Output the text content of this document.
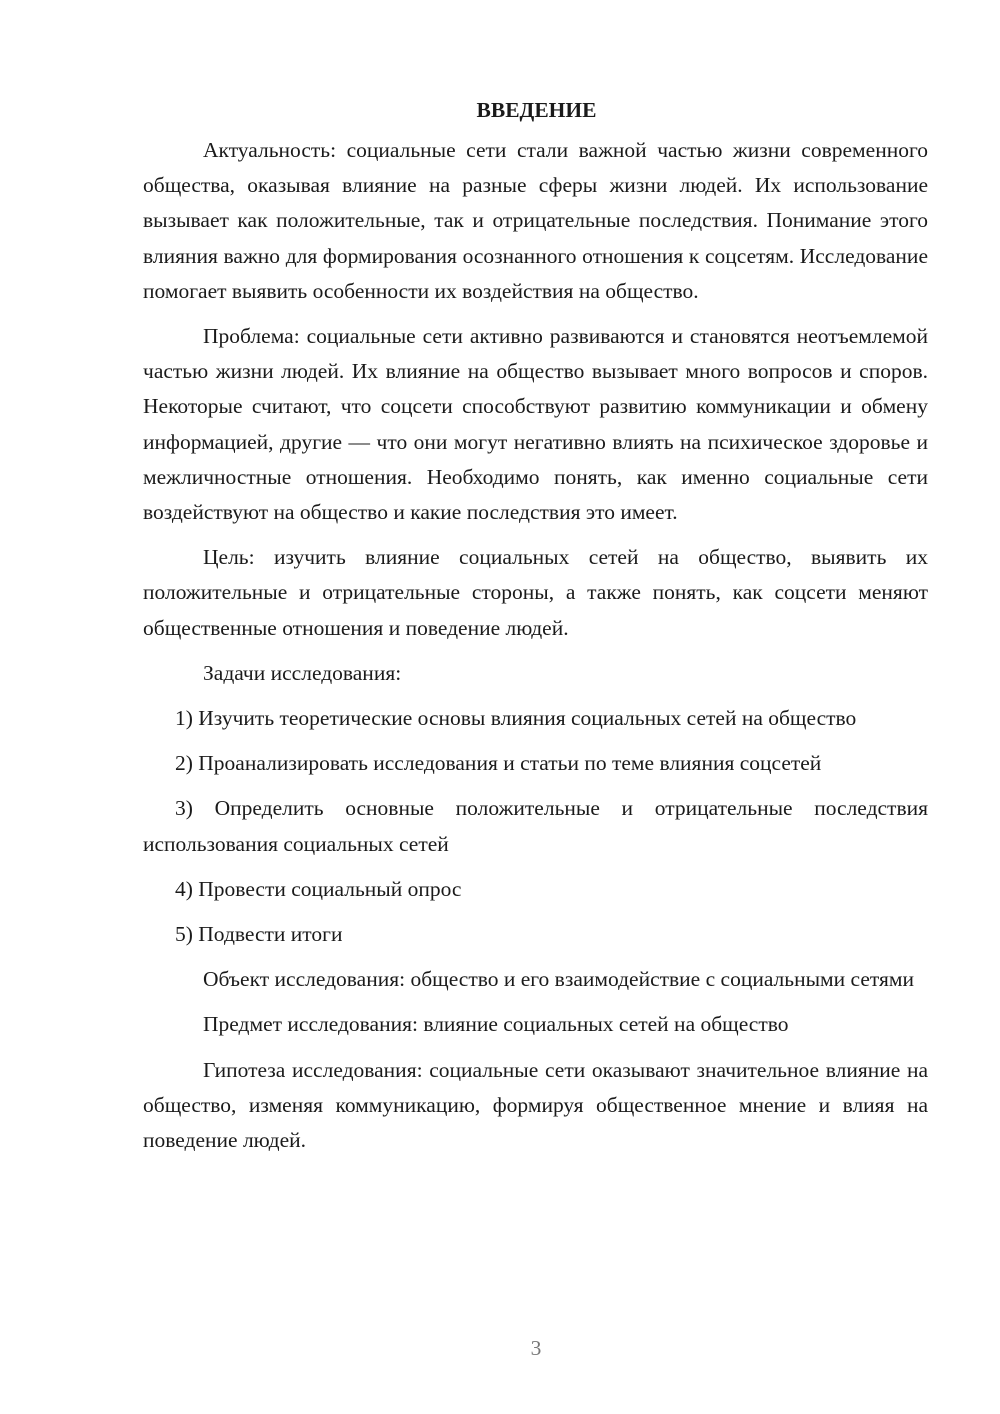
ВВЕДЕНИЕ

Актуальность: социальные сети стали важной частью жизни современного общества, оказывая влияние на разные сферы жизни людей. Их использование вызывает как положительные, так и отрицательные последствия. Понимание этого влияния важно для формирования осознанного отношения к соцсетям. Исследование помогает выявить особенности их воздействия на общество.

Проблема: социальные сети активно развиваются и становятся неотъемлемой частью жизни людей. Их влияние на общество вызывает много вопросов и споров. Некоторые считают, что соцсети способствуют развитию коммуникации и обмену информацией, другие — что они могут негативно влиять на психическое здоровье и межличностные отношения. Необходимо понять, как именно социальные сети воздействуют на общество и какие последствия это имеет.

Цель: изучить влияние социальных сетей на общество, выявить их положительные и отрицательные стороны, а также понять, как соцсети меняют общественные отношения и поведение людей.

Задачи исследования:

1) Изучить теоретические основы влияния социальных сетей на общество

2) Проанализировать исследования и статьи по теме влияния соцсетей

3) Определить основные положительные и отрицательные последствия использования социальных сетей

4) Провести социальный опрос

5) Подвести итоги

Объект исследования: общество и его взаимодействие с социальными сетями

Предмет исследования: влияние социальных сетей на общество

Гипотеза исследования: социальные сети оказывают значительное влияние на общество, изменяя коммуникацию, формируя общественное мнение и влияя на поведение людей.

3
